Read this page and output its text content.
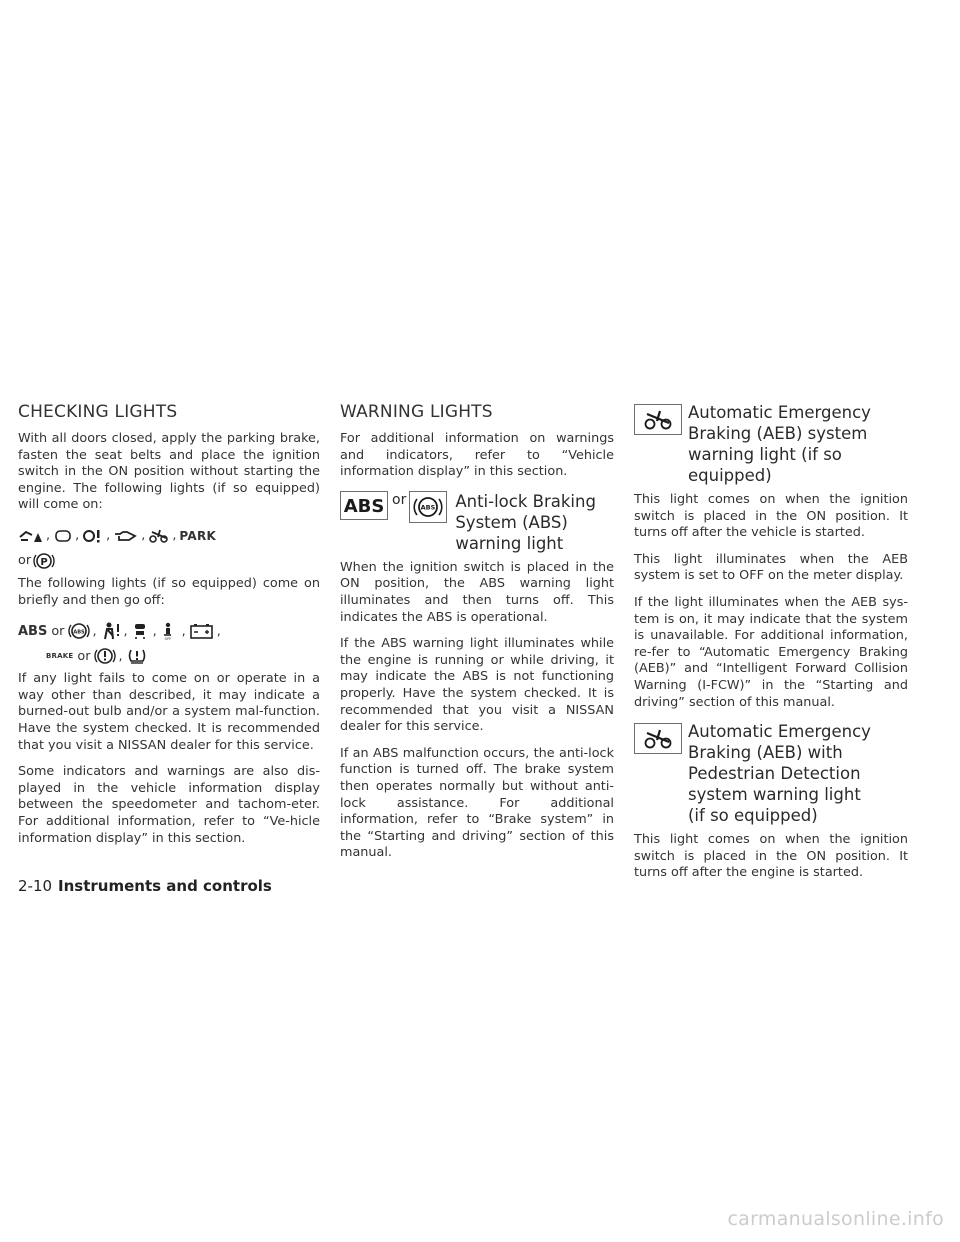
CHECKING LIGHTS

With all doors closed, apply the parking brake, fasten the seat belts and place the ignition switch in the ON position without starting the engine. The following lights (if so equipped) will come on:

, , , , , PARK
or P

The following lights (if so equipped) come on briefly and then go off:

ABS or ABS , , ,
OFF
, ,
BRAKE or ,

If any light fails to come on or operate in a way other than described, it may indicate a burned-out bulb and/or a system mal-function. Have the system checked. It is recommended that you visit a NISSAN dealer for this service.

Some indicators and warnings are also dis-played in the vehicle information display between the speedometer and tachom-eter. For additional information, refer to “Ve-hicle information display” in this section.

WARNING LIGHTS

For additional information on warnings and indicators, refer to “Vehicle information display” in this section.

ABS or ABS Anti-lock Braking
System (ABS)
warning light

When the ignition switch is placed in the ON position, the ABS warning light illuminates and then turns off. This indicates the ABS is operational.

If the ABS warning light illuminates while the engine is running or while driving, it may indicate the ABS is not functioning properly. Have the system checked. It is recommended that you visit a NISSAN dealer for this service.

If an ABS malfunction occurs, the anti-lock function is turned off. The brake system then operates normally but without anti-lock assistance. For additional information, refer to “Brake system” in the “Starting and driving” section of this manual.

Automatic Emergency
Braking (AEB) system
warning light (if so
equipped)

This light comes on when the ignition switch is placed in the ON position. It turns off after the vehicle is started.

This light illuminates when the AEB system is set to OFF on the meter display.

If the light illuminates when the AEB sys-tem is on, it may indicate that the system is unavailable. For additional information, re-fer to “Automatic Emergency Braking (AEB)” and “Intelligent Forward Collision Warning (I-FCW)” in the “Starting and driving” section of this manual.

Automatic Emergency
Braking (AEB) with
Pedestrian Detection
system warning light
(if so equipped)

This light comes on when the ignition switch is placed in the ON position. It turns off after the engine is started.

2-10 Instruments and controls
carmanualsonline.info
